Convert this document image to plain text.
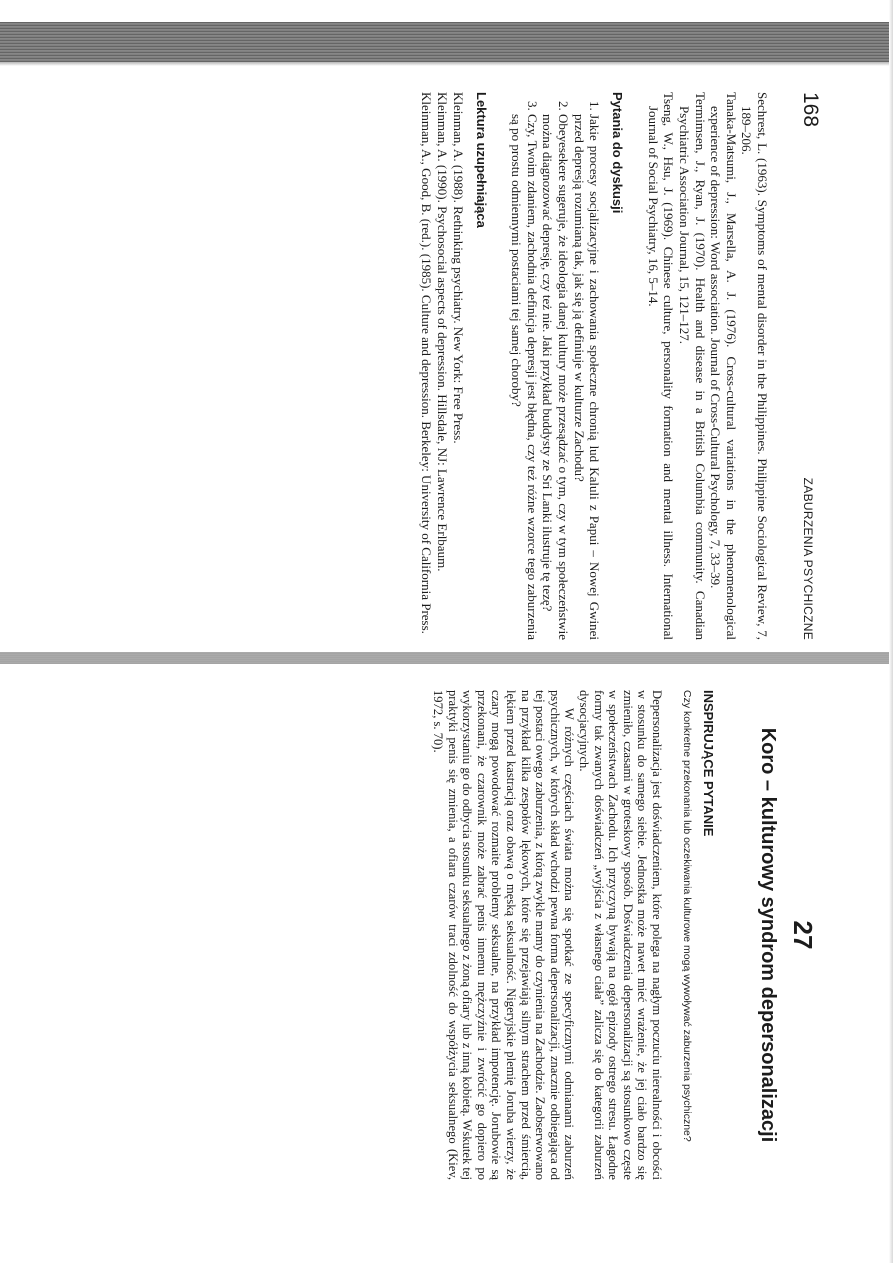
168
ZABURZENIA PSYCHICZNE
Sechrest, L. (1963). Symptoms of mental disorder in the Philippines. Philippine Sociological Review, 7, 189–206.
Tanaka-Matsumi, J., Marsella, A. J. (1976). Cross-cultural variations in the phenomenological experience of depression: Word association. Journal of Cross-Cultural Psychology, 7, 33–39.
Termimsen, J., Ryan, J. (1970). Health and disease in a British Columbia community. Canadian Psychiatric Association Journal, 15, 121–127.
Tseng, W., Hsu, J. (1969). Chinese culture, personality formation and mental illness. International Journal of Social Psychiatry, 16, 5–14.
Pytania do dyskusji
1. Jakie procesy socjalizacyjne i zachowania społeczne chronią lud Kaluli z Papui – Nowej Gwinei przed depresją rozumianą tak, jak się ją definiuje w kulturze Zachodu?
2. Obeyesekere sugeruje, że ideologia danej kultury może przesądzać o tym, czy w tym społeczeństwie można diagnozować depresję, czy też nie. Jaki przykład buddysty ze Sri Lanki ilustruje tę tezę?
3. Czy, Twoim zdaniem, zachodnia definicja depresji jest błędna, czy też różne wzorce tego zaburzenia są po prostu odmiennymi postaciami tej samej choroby?
Lektura uzupełniająca
Kleinman, A. (1988). Rethinking psychiatry. New York: Free Press.
Kleinman, A. (1990). Psychosocial aspects of depression. Hillsdale, NJ: Lawrence Erlbaum.
Kleinman, A., Good, B. (red.). (1985). Culture and depression. Berkeley: University of California Press.
27
Koro – kulturowy syndrom depersonalizacji
INSPIRUJĄCE PYTANIE

Czy konkretne przekonania lub oczekiwania kulturowe mogą wywoływać zaburzenia psychiczne?

Depersonalizacja jest doświadczeniem, które polega na nagłym poczuciu nierealności i obcości w stosunku do samego siebie. Jednostka może nawet mieć wrażenie, że jej ciało bardzo się zmieniło, czasami w groteskowy sposób. Doświadczenia depersonalizacji są stosunkowo częste w społeczeństwach Zachodu. Ich przyczyną bywają na ogół epizody ostrego stresu. Łagodne formy tak zwanych doświadczeń „wyjścia z własnego ciała” zalicza się do kategorii zaburzeń dysocjacyjnych.

W różnych częściach świata można się spotkać ze specyficznymi odmianami zaburzeń psychicznych, w których skład wchodzi pewna forma depersonalizacji, znacznie odbiegająca od tej postaci owego zaburzenia, z którą zwykle mamy do czynienia na Zachodzie. Zaobserwowano na przykład kilka zespołów lękowych, które się przejawiają silnym strachem przed śmiercią, lękiem przed kastracją oraz obawą o męską seksualność. Nigeryjskie plemię Joruba wierzy, że czary mogą powodować rozmaite problemy seksualne, na przykład impotencję. Jorubowie są przekonani, że czarownik może zabrać penis innemu mężczyźnie i zwrócić go dopiero po wykorzystaniu go do odbycia stosunku seksualnego z żoną ofiary lub z inną kobietą. Wskutek tej praktyki penis się zmienia, a ofiara czarów traci zdolność do współżycia seksualnego (Kiev, 1972, s. 70).
